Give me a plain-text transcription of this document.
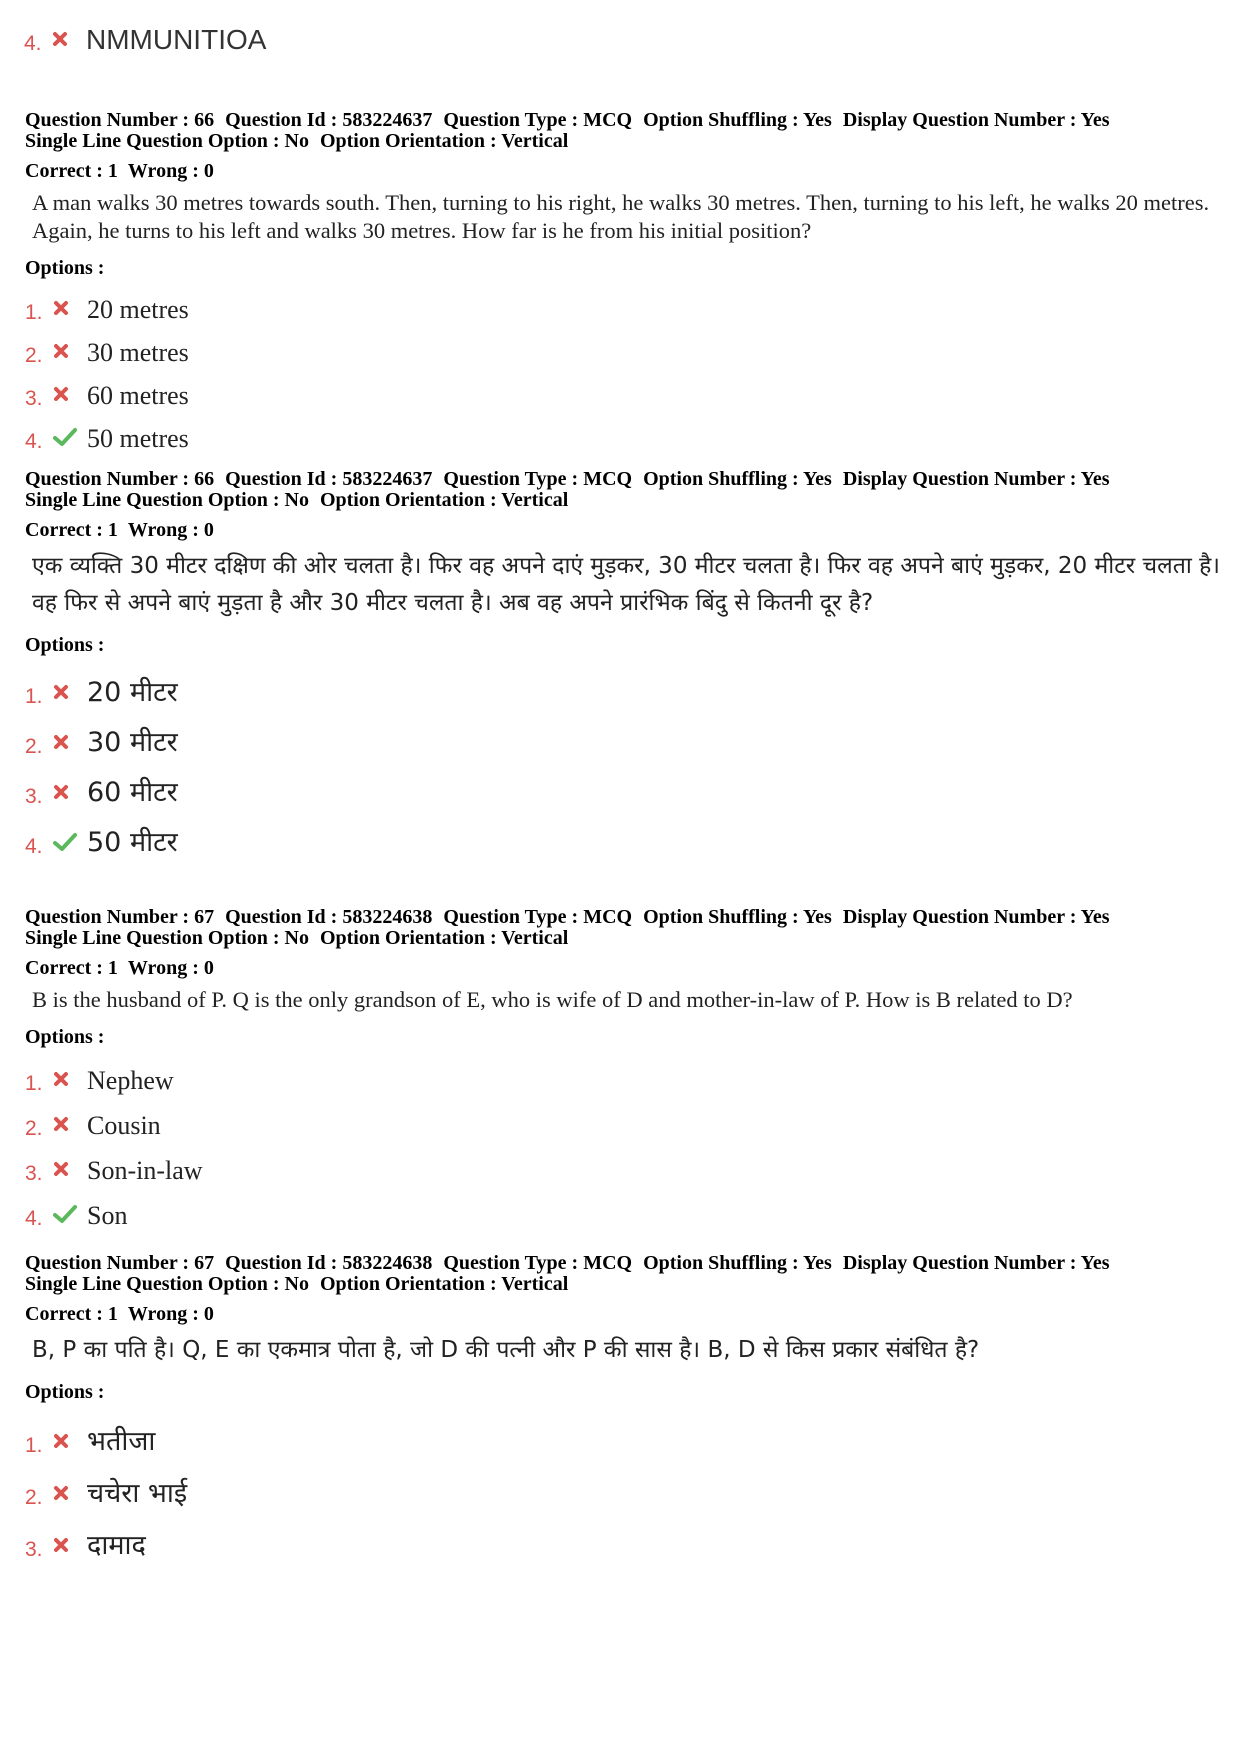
4.	NMMUNITIOA
Question Number : 66 Question Id : 583224637 Question Type : MCQ Option Shuffling : Yes Display Question Number : Yes
Single Line Question Option : No Option Orientation : Vertical
Correct : 1 Wrong : 0
A man walks 30 metres towards south. Then, turning to his right, he walks 30 metres. Then, turning to his left, he walks 20 metres. Again, he turns to his left and walks 30 metres. How far is he from his initial position?
Options :
1.	20 metres
2.	30 metres
3.	60 metres
4.	50 metres
Question Number : 66 Question Id : 583224637 Question Type : MCQ Option Shuffling : Yes Display Question Number : Yes
Single Line Question Option : No Option Orientation : Vertical
Correct : 1 Wrong : 0
एक व्यक्ति 30 मीटर दक्षिण की ओर चलता है। फिर वह अपने दाएं मुड़कर, 30 मीटर चलता है। फिर वह अपने बाएं मुड़कर, 20 मीटर चलता है। वह फिर से अपने बाएं मुड़ता है और 30 मीटर चलता है। अब वह अपने प्रारंभिक बिंदु से कितनी दूर है?
Options :
1.	20 मीटर
2.	30 मीटर
3.	60 मीटर
4.	50 मीटर
Question Number : 67 Question Id : 583224638 Question Type : MCQ Option Shuffling : Yes Display Question Number : Yes
Single Line Question Option : No Option Orientation : Vertical
Correct : 1 Wrong : 0
B is the husband of P. Q is the only grandson of E, who is wife of D and mother-in-law of P. How is B related to D?
Options :
1.	Nephew
2.	Cousin
3.	Son-in-law
4.	Son
Question Number : 67 Question Id : 583224638 Question Type : MCQ Option Shuffling : Yes Display Question Number : Yes
Single Line Question Option : No Option Orientation : Vertical
Correct : 1 Wrong : 0
B, P का पति है। Q, E का एकमात्र पोता है, जो D की पत्नी और P की सास है। B, D से किस प्रकार संबंधित है?
Options :
1.	भतीजा
2.	चचेरा भाई
3.	दामाद
